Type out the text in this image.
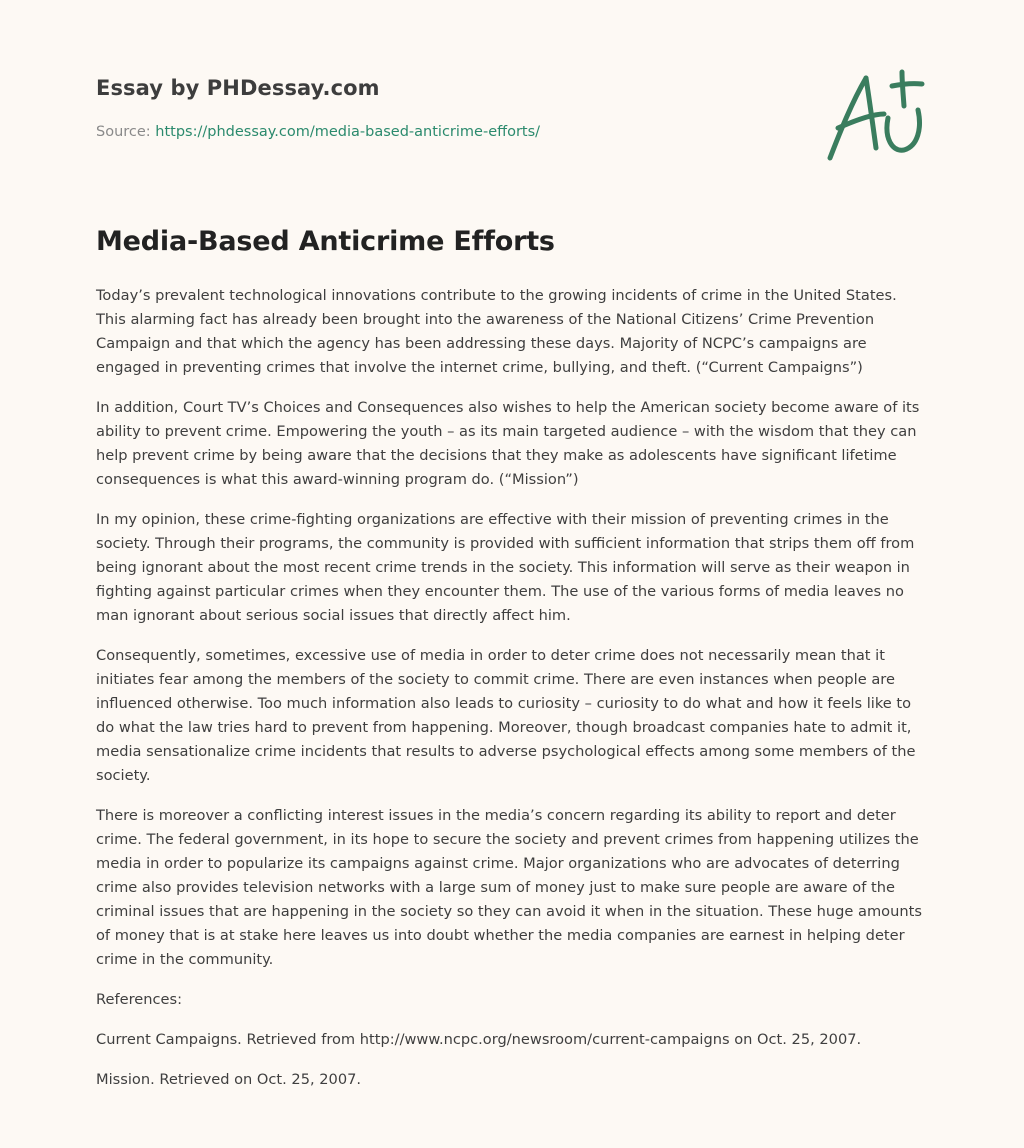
Essay by PHDessay.com
Source: https://phdessay.com/media-based-anticrime-efforts/
Media-Based Anticrime Efforts

Today’s prevalent technological innovations contribute to the growing incidents of crime in the United States. This alarming fact has already been brought into the awareness of the National Citizens’ Crime Prevention Campaign and that which the agency has been addressing these days. Majority of NCPC’s campaigns are engaged in preventing crimes that involve the internet crime, bullying, and theft. (“Current Campaigns”)

In addition, Court TV’s Choices and Consequences also wishes to help the American society become aware of its ability to prevent crime. Empowering the youth – as its main targeted audience – with the wisdom that they can help prevent crime by being aware that the decisions that they make as adolescents have significant lifetime consequences is what this award-winning program do. (“Mission”)

In my opinion, these crime-fighting organizations are effective with their mission of preventing crimes in the society. Through their programs, the community is provided with sufficient information that strips them off from being ignorant about the most recent crime trends in the society. This information will serve as their weapon in fighting against particular crimes when they encounter them. The use of the various forms of media leaves no man ignorant about serious social issues that directly affect him.

Consequently, sometimes, excessive use of media in order to deter crime does not necessarily mean that it initiates fear among the members of the society to commit crime. There are even instances when people are influenced otherwise. Too much information also leads to curiosity – curiosity to do what and how it feels like to do what the law tries hard to prevent from happening. Moreover, though broadcast companies hate to admit it, media sensationalize crime incidents that results to adverse psychological effects among some members of the society.

There is moreover a conflicting interest issues in the media’s concern regarding its ability to report and deter crime. The federal government, in its hope to secure the society and prevent crimes from happening utilizes the media in order to popularize its campaigns against crime. Major organizations who are advocates of deterring crime also provides television networks with a large sum of money just to make sure people are aware of the criminal issues that are happening in the society so they can avoid it when in the situation. These huge amounts of money that is at stake here leaves us into doubt whether the media companies are earnest in helping deter crime in the community.

References:

Current Campaigns. Retrieved from http://www.ncpc.org/newsroom/current-campaigns on Oct. 25, 2007.

Mission. Retrieved on Oct. 25, 2007.
